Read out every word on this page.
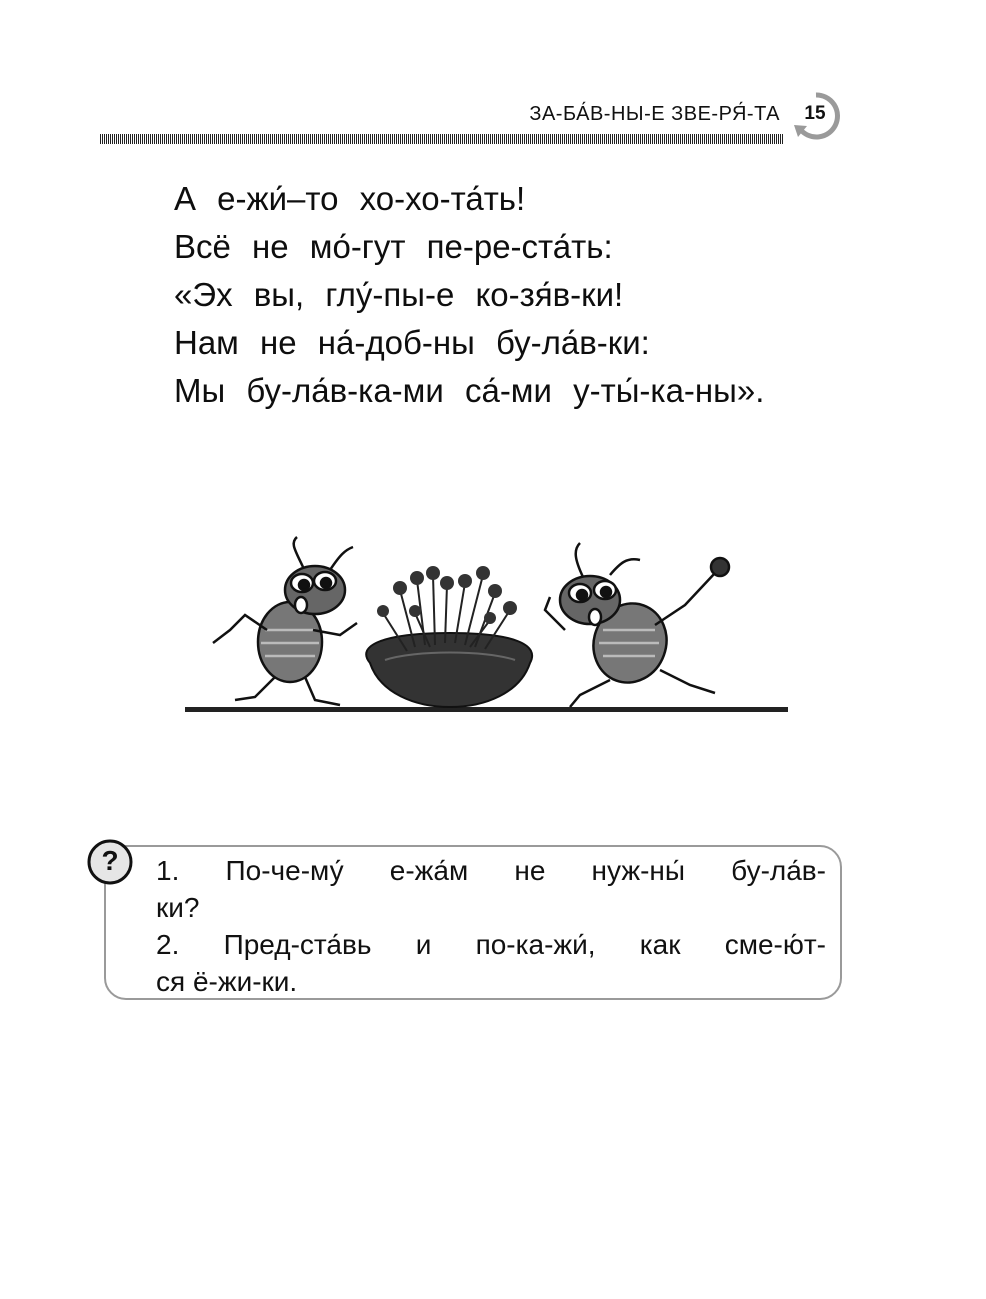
ЗА-БА́В-НЫ-Е ЗВЕ-РЯ́-ТА	15
А е-жи́–то хо-хо-та́ть!
Всё не мо́-гут пе-ре-ста́ть:
«Эх вы, глу́-пы-е ко-зя́в-ки!
Нам не на́-доб-ны бу-ла́в-ки:
Мы бу-ла́в-ка-ми са́-ми у-ты́-ка-ны».
?	1. По-че-му́ е-жа́м не нуж-ны́ бу-ла́в-
ки?
2. Пред-ста́вь и по-ка-жи́, как сме-ю́т-
ся ё-жи-ки.
